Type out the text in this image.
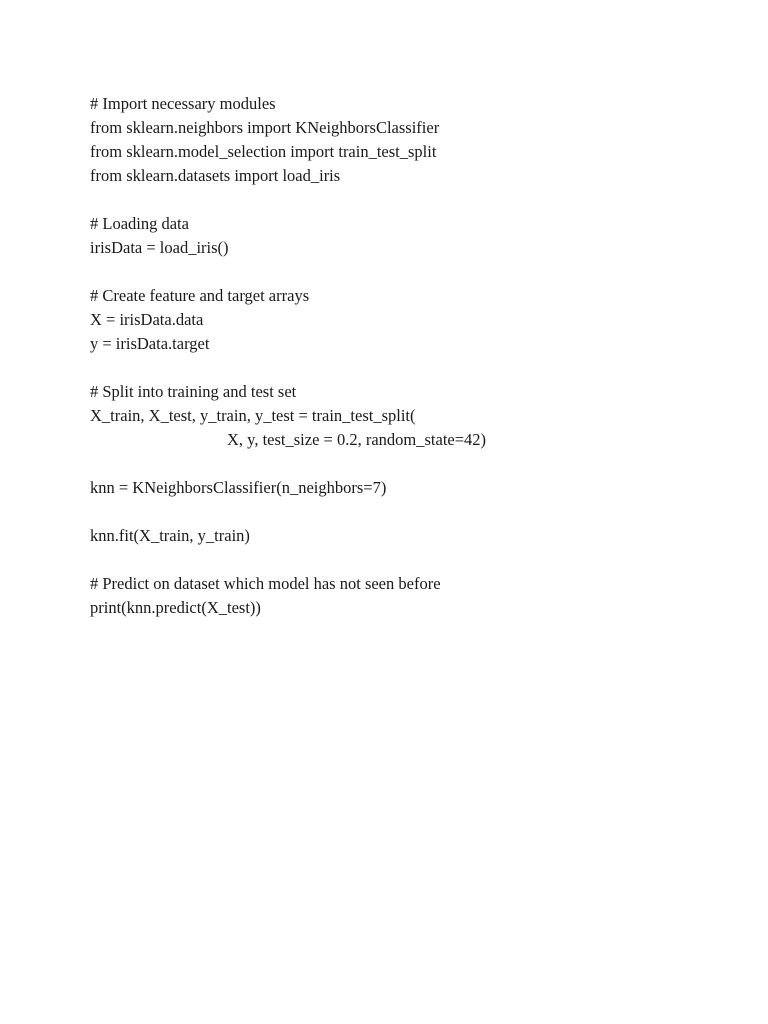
# Import necessary modules
from sklearn.neighbors import KNeighborsClassifier
from sklearn.model_selection import train_test_split
from sklearn.datasets import load_iris
# Loading data
irisData = load_iris()
# Create feature and target arrays
X = irisData.data
y = irisData.target
# Split into training and test set
X_train, X_test, y_train, y_test = train_test_split(
X, y, test_size = 0.2, random_state=42)
knn = KNeighborsClassifier(n_neighbors=7)
knn.fit(X_train, y_train)
# Predict on dataset which model has not seen before
print(knn.predict(X_test))
